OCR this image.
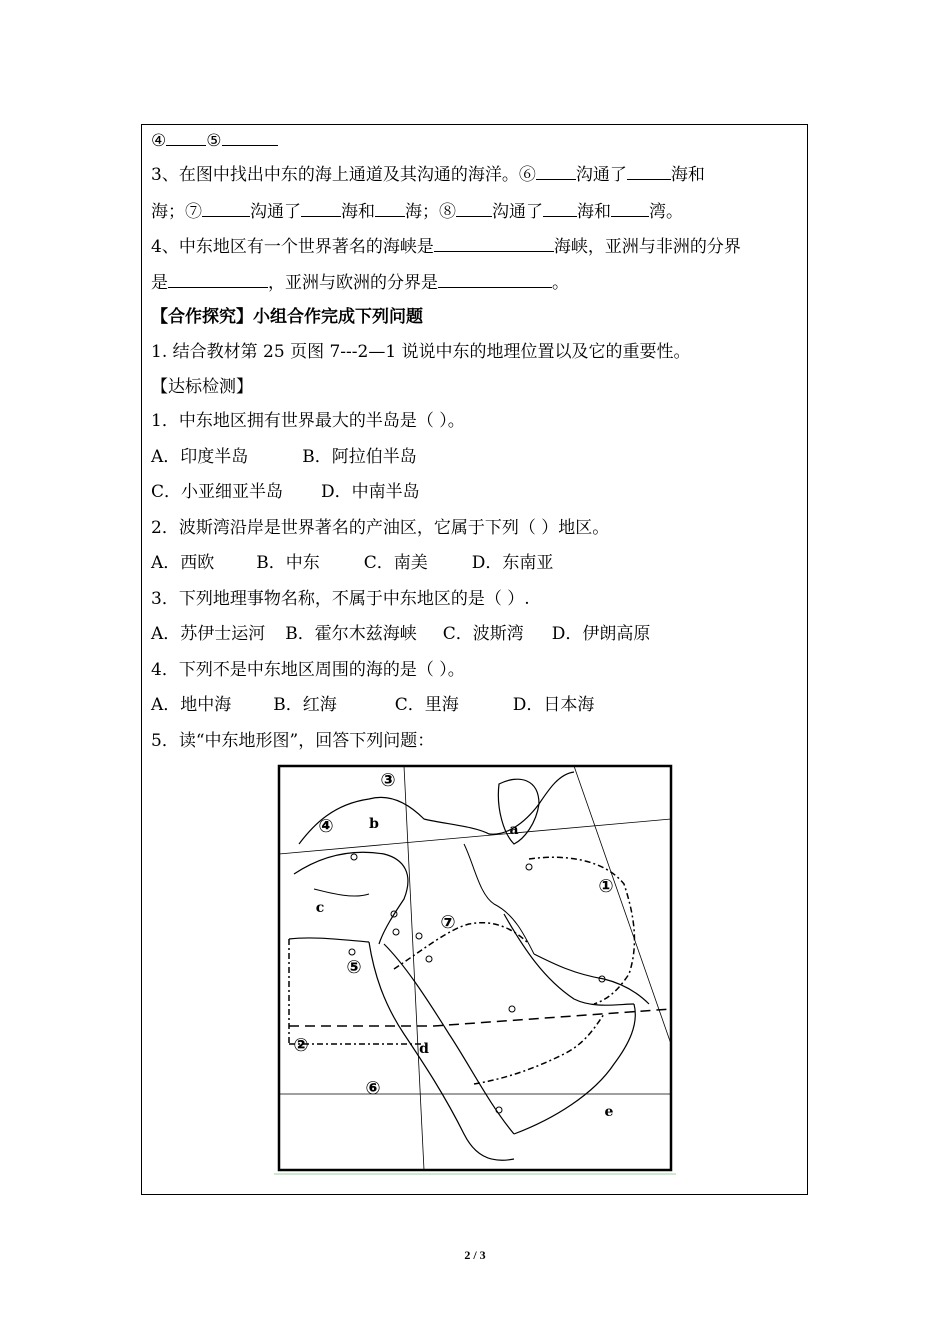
④ ⑤
3、在图中找出中东的海上通道及其沟通的海洋。⑥ 沟通了	海和
海；⑦	沟通了 海和 海；⑧ 沟通了 海和 湾。
4、中东地区有一个世界著名的海峡是	海峡，亚洲与非洲的分界
是	，亚洲与欧洲的分界是	。
【合作探究】小组合作完成下列问题
1. 结合教材第 25 页图 7---2—1 说说中东的地理位置以及它的重要性。
【达标检测】
1．中东地区拥有世界最大的半岛是（ ）。
A．印度半岛	B．阿拉伯半岛
C．小亚细亚半岛 D．中南半岛
2．波斯湾沿岸是世界著名的产油区，它属于下列（ ）地区。
A．西欧 B．中东	C．南美	D．东南亚
3．下列地理事物名称，不属于中东地区的是（ ）.
A．苏伊士运河 B．霍尔木兹海峡 C．波斯湾 D．伊朗高原
4．下列不是中东地区周围的海的是（ ）。
A．地中海 B．红海	C．里海	D．日本海
5．读“中东地形图”，回答下列问题：
③
④
⑦
①
⑤
②
⑥
a
b
c
d
e
2 / 3
